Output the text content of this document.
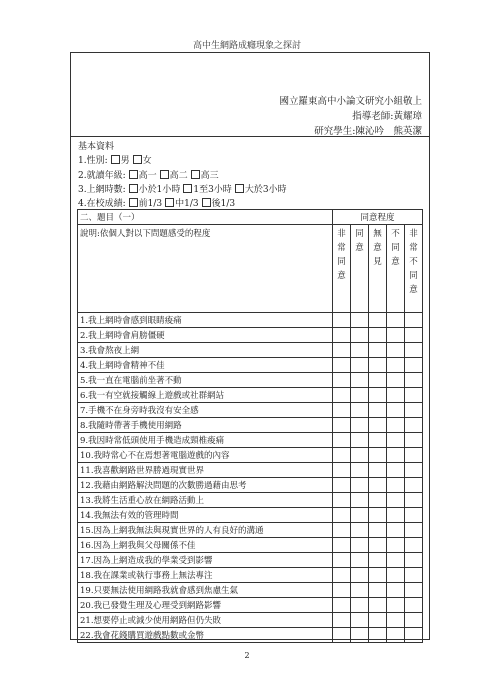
高中生網路成癮現象之探討
國立羅東高中小論文研究小組敬上
指導老師:黃耀璋
研究學生:陳沁吟　熊英潔
基本資料
1.性別: 男 女
2.就讀年級: 高一 高二 高三
3.上網時數: 小於1小時 1至3小時 大於3小時
4.在校成績: 前1/3 中1/3 後1/3
二、題目（一）	同意程度				
說明:依個人對以下問題感受的程度	非常同意	同意	無意見	不同意	非常不同意
1.我上網時會感到眼睛痠痛					
2.我上網時會肩膀僵硬					
3.我會熬夜上網					
4.我上網時會精神不佳					
5.我一直在電腦前坐著不動					
6.我一有空就接觸線上遊戲或社群網站					
7.手機不在身旁時我沒有安全感					
8.我隨時帶著手機使用網路					
9.我因時常低頭使用手機造成頸椎痠痛					
10.我時常心不在焉想著電腦遊戲的內容					
11.我喜歡網路世界勝過現實世界					
12.我藉由網路解決問題的次數勝過藉由思考					
13.我將生活重心放在網路活動上					
14.我無法有效的管理時間					
15.因為上網我無法與現實世界的人有良好的溝通					
16.因為上網我與父母關係不佳					
17.因為上網造成我的學業受到影響					
18.我在課業或執行事務上無法專注					
19.只要無法使用網路我就會感到焦慮生氣					
20.我已發覺生理及心理受到網路影響					
21.想要停止或減少使用網路但仍失敗					
22.我會花錢購買遊戲點數或金幣					
2
